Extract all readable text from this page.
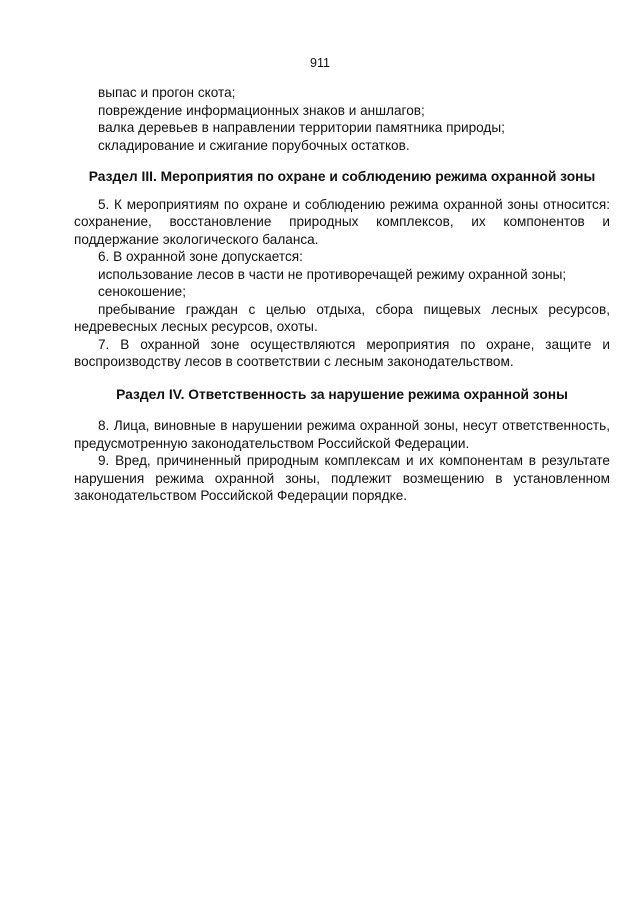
911

выпас и прогон скота;

повреждение информационных знаков и аншлагов;

валка деревьев в направлении территории памятника природы;

складирование и сжигание порубочных остатков.

Раздел III. Мероприятия по охране и соблюдению режима охранной зоны

5. К мероприятиям по охране и соблюдению режима охранной зоны относится: сохранение, восстановление природных комплексов, их компонентов и поддержание экологического баланса.

6. В охранной зоне допускается:

использование лесов в части не противоречащей режиму охранной зоны;

сенокошение;

пребывание граждан с целью отдыха, сбора пищевых лесных ресурсов, недревесных лесных ресурсов, охоты.

7. В охранной зоне осуществляются мероприятия по охране, защите и воспроизводству лесов в соответствии с лесным законодательством.

Раздел IV. Ответственность за нарушение режима охранной зоны

8. Лица, виновные в нарушении режима охранной зоны, несут ответственность, предусмотренную законодательством Российской Федерации.

9. Вред, причиненный природным комплексам и их компонентам в результате нарушения режима охранной зоны, подлежит возмещению в установленном законодательством Российской Федерации порядке.
